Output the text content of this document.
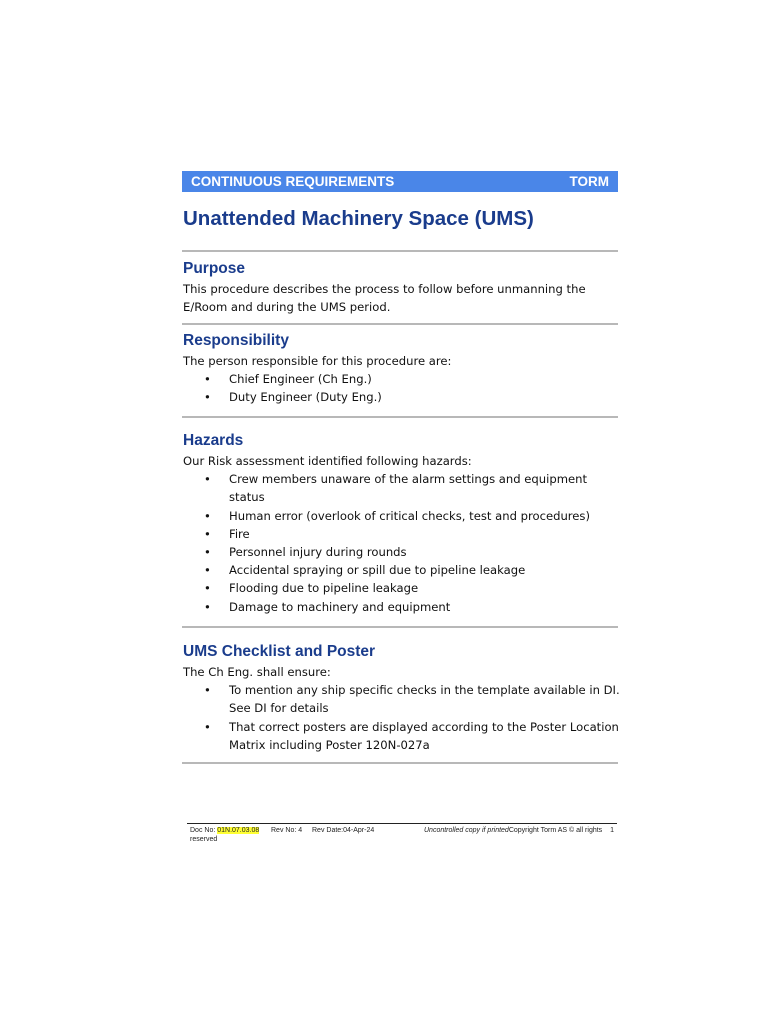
CONTINUOUS REQUIREMENTS	TORM
Unattended Machinery Space (UMS)
Purpose

This procedure describes the process to follow before unmanning the

E/Room and during the UMS period.

Responsibility

The person responsible for this procedure are:

• Chief Engineer (Ch Eng.)
• Duty Engineer (Duty Eng.)
Hazards

Our Risk assessment identified following hazards:

• Crew members unaware of the alarm settings and equipment
status
• Human error (overlook of critical checks, test and procedures)
• Fire
• Personnel injury during rounds
• Accidental spraying or spill due to pipeline leakage
• Flooding due to pipeline leakage
• Damage to machinery and equipment
UMS Checklist and Poster

The Ch Eng. shall ensure:

• To mention any ship specific checks in the template available in DI.
See DI for details
• That correct posters are displayed according to the Poster Location
Matrix including Poster 120N-027a
Doc No: 01N.07.03.08 Rev No: 4 Rev Date:04-Apr-24	Uncontrolled copy if printedCopyright Torm AS © all rights 1
reserved
